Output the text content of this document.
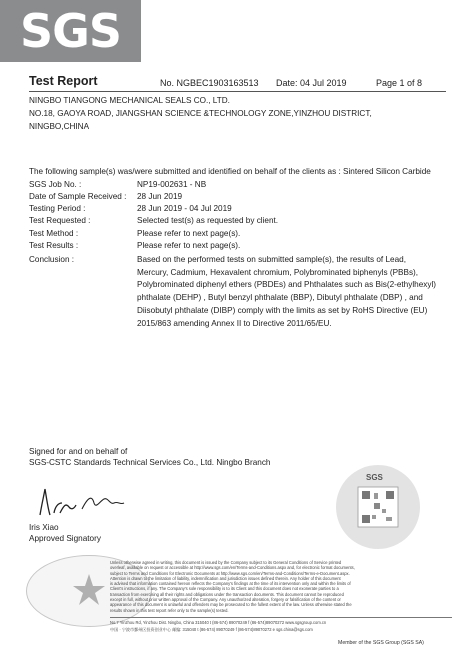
SGS
Test Report	No. NGBEC1903163513 Date: 04 Jul 2019	Page 1 of 8
NINGBO TIANGONG MECHANICAL SEALS CO., LTD.
NO.18, GAOYA ROAD, JIANGSHAN SCIENCE &TECHNOLOGY ZONE,YINZHOU DISTRICT,
NINGBO,CHINA
The following sample(s) was/were submitted and identified on behalf of the clients as : Sintered Silicon Carbide
SGS Job No. :	NP19-002631 - NB
Date of Sample Received :	28 Jun 2019
Testing Period :	28 Jun 2019 - 04 Jul 2019
Test Requested :	Selected test(s) as requested by client.
Test Method :	Please refer to next page(s).
Test Results :	Please refer to next page(s).
Conclusion :	Based on the performed tests on submitted sample(s), the results of Lead,
Mercury, Cadmium, Hexavalent chromium, Polybrominated biphenyls (PBBs),
Polybrominated diphenyl ethers (PBDEs) and Phthalates such as Bis(2-ethylhexyl)
phthalate (DEHP) , Butyl benzyl phthalate (BBP), Dibutyl phthalate (DBP) , and
Diisobutyl phthalate (DIBP) comply with the limits as set by RoHS Directive (EU)
2015/863 amending Annex II to Directive 2011/65/EU.
Signed for and on behalf of
SGS-CSTC Standards Technical Services Co., Ltd. Ningbo Branch
Iris Xiao
Approved Signatory
SGS
Unless otherwise agreed in writing, this document is issued by the Company subject to its General Conditions of Service printed
overleaf, available on request or accessible at http://www.sgs.com/en/Terms-and-Conditions.aspx and, for electronic format documents,
subject to Terms and Conditions for Electronic Documents at http://www.sgs.com/en/Terms-and-Conditions/Terms-e-Document.aspx.
Attention is drawn to the limitation of liability, indemnification and jurisdiction issues defined therein. Any holder of this document
is advised that information contained hereon reflects the Company's findings at the time of its intervention only and within the limits of
Client's instructions, if any. The Company's sole responsibility is to its Client and this document does not exonerate parties to a
transaction from exercising all their rights and obligations under the transaction documents. This document cannot be reproduced
except in full, without prior written approval of the Company. Any unauthorized alteration, forgery or falsification of the content or
appearance of this document is unlawful and offenders may be prosecuted to the fullest extent of the law. Unless otherwise stated the
results shown in this test report refer only to the sample(s) tested.
No.7 Yinzhou Rd, Yinzhou Dist. Ningbo, China 315040 t (86-574) 89070249 f (86-574)89070272 www.sgsgroup.com.cn
中国 · 宁波市鄞州区投资创业中心 邮编: 315040 t (86-574) 89070249 f (86-574)89070272 e sgs.china@sgs.com
Member of the SGS Group (SGS SA)
